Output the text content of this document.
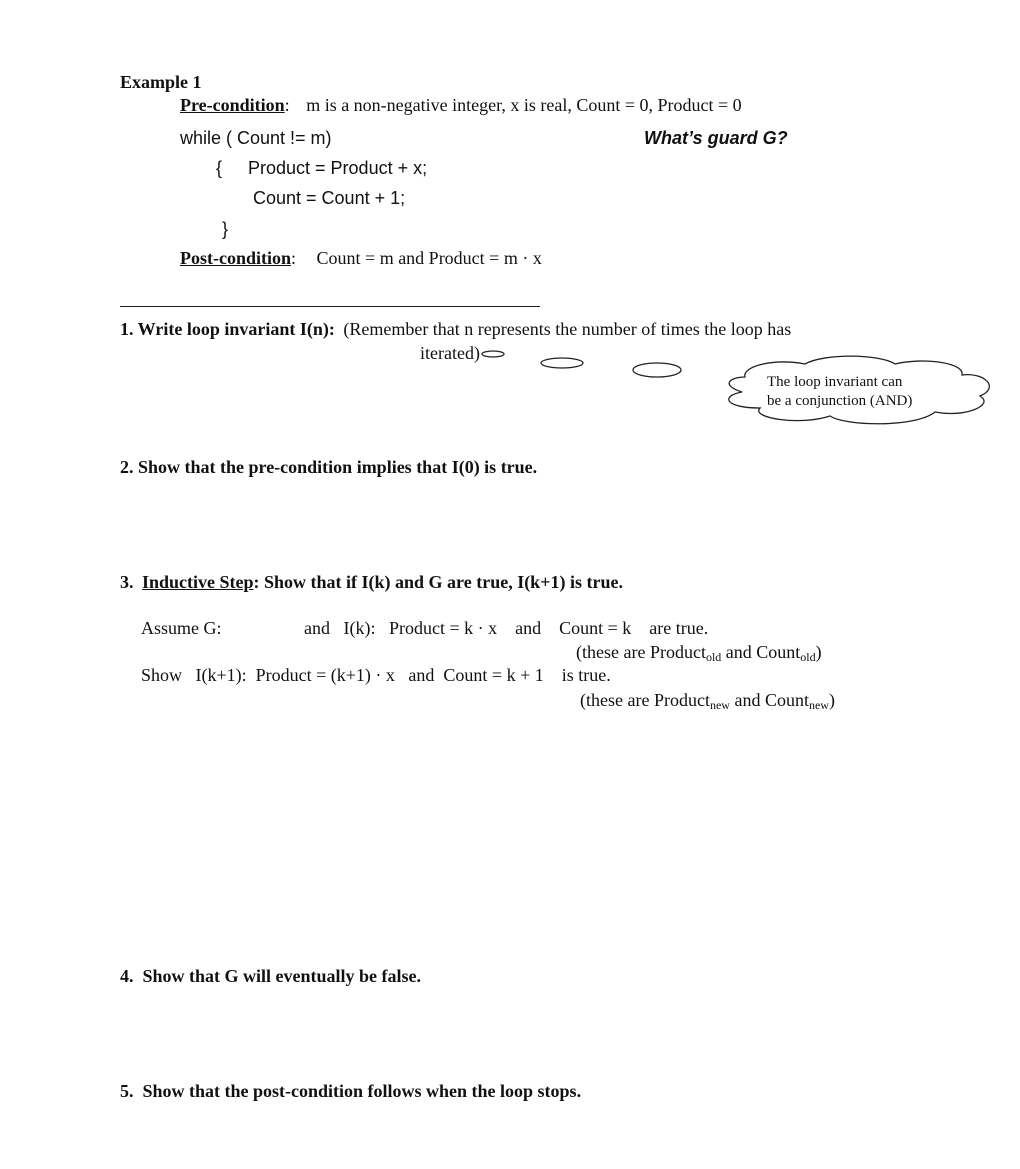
Example 1
Pre-condition: m is a non-negative integer, x is real, Count = 0, Product = 0
while ( Count != m)	What’s guard G?
{ Product = Product + x;
Count = Count + 1;
}
Post-condition: Count = m and Product = m · x
1. Write loop invariant I(n): (Remember that n represents the number of times the loop has
iterated)
The loop invariant can
be a conjunction (AND)
2. Show that the pre-condition implies that I(0) is true.
3. Inductive Step: Show that if I(k) and G are true, I(k+1) is true.
Assume G:	and   I(k):   Product = k · x    and    Count = k    are true.
(these are Product$_{old}$ and Count$_{old}$)
Show   I(k+1):  Product = (k+1) · x   and  Count = k + 1    is true.
(these are Product$_{new}$ and Count$_{new}$)
4.  Show that G will eventually be false.
5.  Show that the post-condition follows when the loop stops.
